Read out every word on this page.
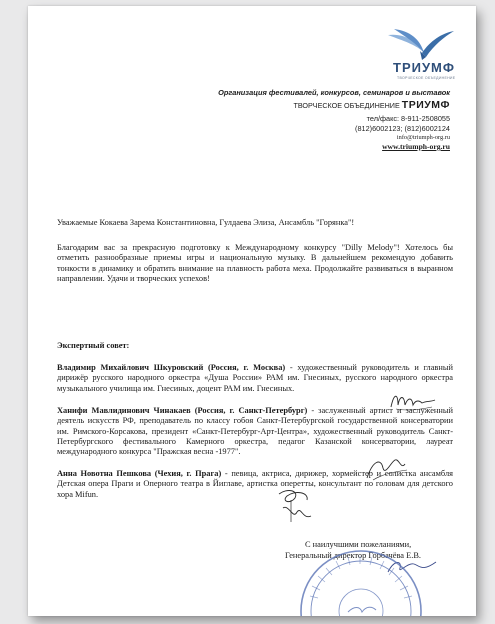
ТРИУМФ
ТВОРЧЕСКОЕ ОБЪЕДИНЕНИЕ
Организация фестивалей, конкурсов, семинаров и выставок
ТВОРЧЕСКОЕ ОБЪЕДИНЕНИЕ ТРИУМФ
тел/факс: 8-911-2508055
(812)6002123; (812)6002124
info@triumph-org.ru
www.triumph-org.ru
Уважаемые Кокаева Зарема Константиновна, Гулдаева Элиза, Ансамбль "Горянка"!
Благодарим вас за прекрасную подготовку к Международному конкурсу "Dilly Melody"! Хотелось бы отметить разнообразные приемы игры и национальную музыку. В дальнейшем рекомендую добавить тонкости в динамику и обратить внимание на плавность работа меха. Продолжайте развиваться в выранном направлении. Удачи и творческих успехов!
Экспертный совет:
Владимир Михайлович Шкуровский (Россия, г. Москва) - художественный руководитель и главный дирижёр русского народного оркестра «Душа России» РАМ им. Гнесиных, русского народного оркестра музыкального училища им. Гнесиных, доцент РАМ им. Гнесиных.
Ханифи Мавлидинович Чинакаев (Россия, г. Санкт-Петербург) - заслуженный артист и заслуженный деятель искусств РФ, преподаватель по классу гобоя Санкт-Петербургской государственной консерватории им. Римского-Корсакова, президент «Санкт-Петербург-Арт-Центра», художественный руководитель Санкт-Петербургского фестивального Камерного оркестра, педагог Казанской консерватории, лауреат международного конкурса "Пражская весна -1977".
Анна Новотна Пешкова (Чехия, г. Прага) - певица, актриса, дирижер, хормейстер и солистка ансамбля Детская опера Праги и Оперного театра в Йиглаве, артистка оперетты, консультант по головам для детского хора Mifun.
С наилучшими пожеланиями,
Генеральный директор Горбачёва Е.В.
